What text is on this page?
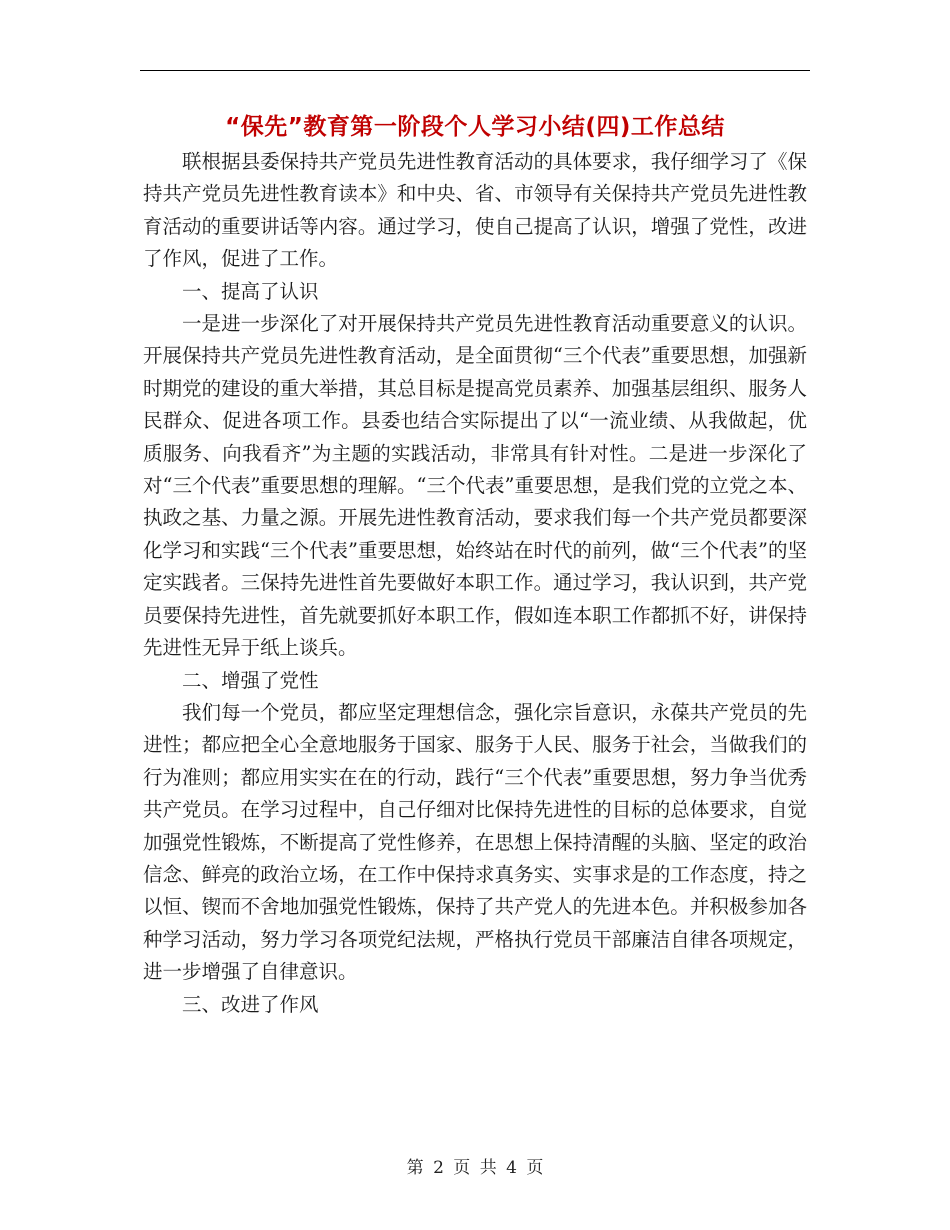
“保先”教育第一阶段个人学习小结(四)工作总结

联根据县委保持共产党员先进性教育活动的具体要求，我仔细学习了《保持共产党员先进性教育读本》和中央、省、市领导有关保持共产党员先进性教育活动的重要讲话等内容。通过学习，使自己提高了认识，增强了党性，改进了作风，促进了工作。

一、提高了认识

一是进一步深化了对开展保持共产党员先进性教育活动重要意义的认识。开展保持共产党员先进性教育活动，是全面贯彻“三个代表”重要思想，加强新时期党的建设的重大举措，其总目标是提高党员素养、加强基层组织、服务人民群众、促进各项工作。县委也结合实际提出了以“一流业绩、从我做起，优质服务、向我看齐”为主题的实践活动，非常具有针对性。二是进一步深化了对“三个代表”重要思想的理解。“三个代表”重要思想，是我们党的立党之本、执政之基、力量之源。开展先进性教育活动，要求我们每一个共产党员都要深化学习和实践“三个代表”重要思想，始终站在时代的前列，做“三个代表”的坚定实践者。三保持先进性首先要做好本职工作。通过学习，我认识到，共产党员要保持先进性，首先就要抓好本职工作，假如连本职工作都抓不好，讲保持先进性无异于纸上谈兵。

二、增强了党性

我们每一个党员，都应坚定理想信念，强化宗旨意识，永葆共产党员的先进性；都应把全心全意地服务于国家、服务于人民、服务于社会，当做我们的行为准则；都应用实实在在的行动，践行“三个代表”重要思想，努力争当优秀共产党员。在学习过程中，自己仔细对比保持先进性的目标的总体要求，自觉加强党性锻炼，不断提高了党性修养，在思想上保持清醒的头脑、坚定的政治信念、鲜亮的政治立场，在工作中保持求真务实、实事求是的工作态度，持之以恒、锲而不舍地加强党性锻炼，保持了共产党人的先进本色。并积极参加各种学习活动，努力学习各项党纪法规，严格执行党员干部廉洁自律各项规定，进一步增强了自律意识。

三、改进了作风

第 2 页 共 4 页
